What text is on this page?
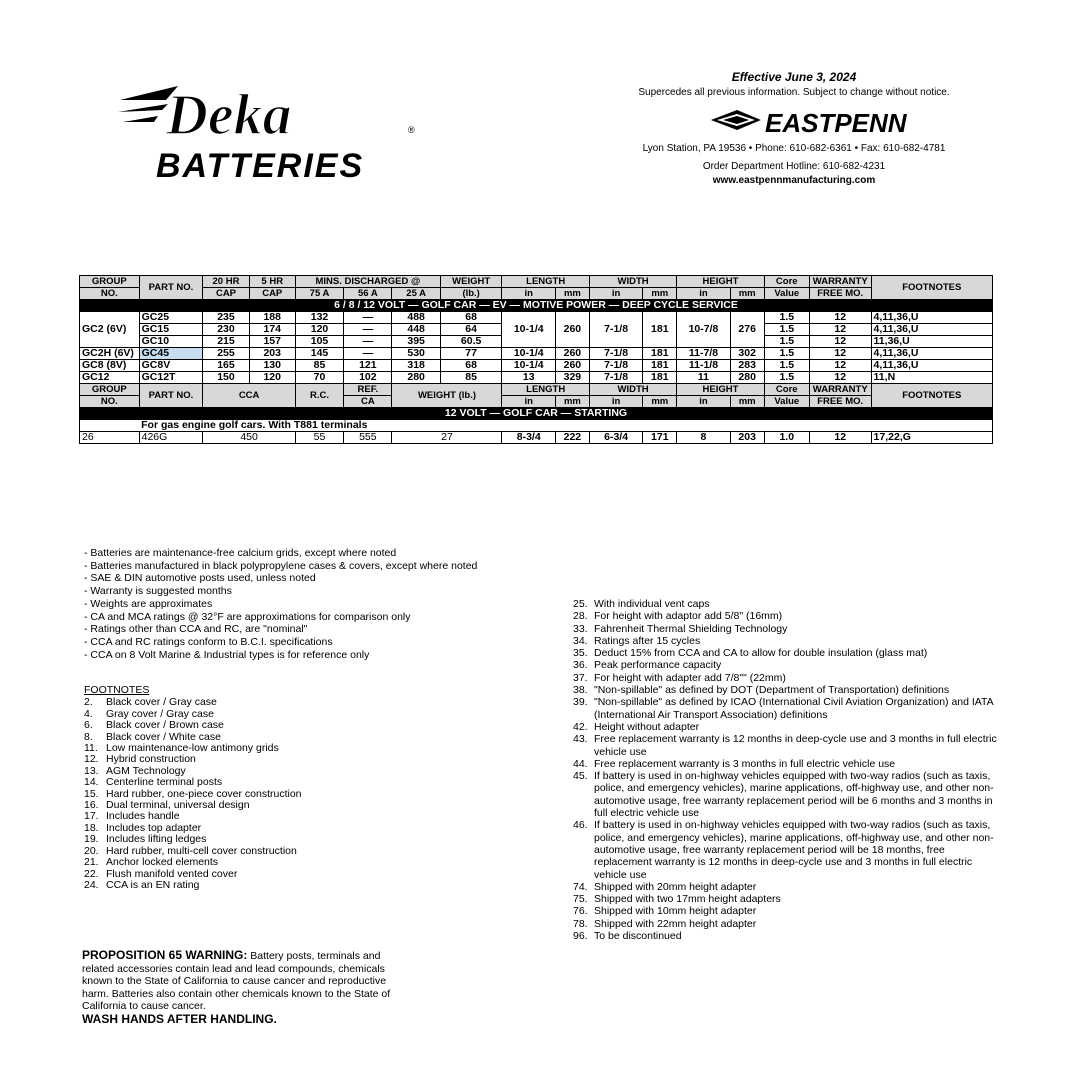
Deka	®
BATTERIES
Effective June 3, 2024
Supercedes all previous information. Subject to change without notice.
EASTPENN
Lyon Station, PA 19536 • Phone: 610-682-6361 • Fax: 610-682-4781
Order Department Hotline: 610-682-4231
www.eastpennmanufacturing.com
GROUP	PART NO.	20 HR	5 HR	MINS. DISCHARGED @			WEIGHT	LENGTH		WIDTH		HEIGHT		Core	WARRANTY	FOOTNOTES
NO.		CAP	CAP	75 A	56 A	25 A	(lb.)	in	mm	in	mm	in	mm	Value	FREE MO.	
6 / 8 / 12 VOLT — GOLF CAR — EV — MOTIVE POWER — DEEP CYCLE SERVICE																
GC2 (6V)	GC25	235	188	132	—	488	68	10-1/4	260	7-1/8	181	10-7/8	276	1.5	12	4,11,36,U
	GC15	230	174	120	—	448	64							1.5	12	4,11,36,U
	GC10	215	157	105	—	395	60.5							1.5	12	11,36,U
GC2H (6V)	GC45	255	203	145	—	530	77	10-1/4	260	7-1/8	181	11-7/8	302	1.5	12	4,11,36,U
GC8 (8V)	GC8V	165	130	85	121	318	68	10-1/4	260	7-1/8	181	11-1/8	283	1.5	12	4,11,36,U
GC12	GC12T	150	120	70	102	280	85	13	329	7-1/8	181	11	280	1.5	12	11,N
GROUP	PART NO.	CCA		R.C.	REF.	WEIGHT (lb.)		LENGTH		WIDTH		HEIGHT		Core	WARRANTY	FOOTNOTES
NO.					CA			in	mm	in	mm	in	mm	Value	FREE MO.	
12 VOLT — GOLF CAR — STARTING																
	For gas engine golf cars. With T881 terminals															
26	426G	450		55	555	27		8-3/4	222	6-3/4	171	8	203	1.0	12	17,22,G
- Batteries are maintenance-free calcium grids, except where noted
- Batteries manufactured in black polypropylene cases & covers, except where noted
- SAE & DIN automotive posts used, unless noted
- Warranty is suggested months
- Weights are approximates
- CA and MCA ratings @ 32°F are approximations for comparison only
- Ratings other than CCA and RC, are "nominal"
- CCA and RC ratings conform to B.C.I. specifications
- CCA on 8 Volt Marine & Industrial types is for reference only
FOOTNOTES
2.	Black cover / Gray case
4.	Gray cover / Gray case
6.	Black cover / Brown case
8.	Black cover / White case
11. Low maintenance-low antimony grids
12. Hybrid construction
13. AGM Technology
14. Centerline terminal posts
15. Hard rubber, one-piece cover construction
16. Dual terminal, universal design
17. Includes handle
18. Includes top adapter
19. Includes lifting ledges
20. Hard rubber, multi-cell cover construction
21. Anchor locked elements
22. Flush manifold vented cover
24. CCA is an EN rating
25. With individual vent caps
28. For height with adaptor add 5/8" (16mm)
33. Fahrenheit Thermal Shielding Technology
34. Ratings after 15 cycles
35. Deduct 15% from CCA and CA to allow for double insulation (glass mat)
36. Peak performance capacity
37. For height with adapter add 7/8"" (22mm)
38. "Non-spillable" as defined by DOT (Department of Transportation) definitions
39. "Non-spillable" as defined by ICAO (International Civil Aviation Organization) and IATA (International Air Transport Association) definitions
42. Height without adapter
43. Free replacement warranty is 12 months in deep-cycle use and 3 months in full electric vehicle use
44. Free replacement warranty is 3 months in full electric vehicle use
45. If battery is used in on-highway vehicles equipped with two-way radios (such as taxis, police, and emergency vehicles), marine applications, off-highway use, and other non-automotive usage, free warranty replacement period will be 6 months and 3 months in full electric vehicle use
46. If battery is used in on-highway vehicles equipped with two-way radios (such as taxis, police, and emergency vehicles), marine applications, off-highway use, and other non-automotive usage, free warranty replacement period will be 18 months, free replacement warranty is 12 months in deep-cycle use and 3 months in full electric vehicle use
74. Shipped with 20mm height adapter
75. Shipped with two 17mm height adapters
76. Shipped with 10mm height adapter
78. Shipped with 22mm height adapter
96. To be discontinued
PROPOSITION 65 WARNING: Battery posts, terminals and related accessories contain lead and lead compounds, chemicals known to the State of California to cause cancer and reproductive harm. Batteries also contain other chemicals known to the State of California to cause cancer.
WASH HANDS AFTER HANDLING.
